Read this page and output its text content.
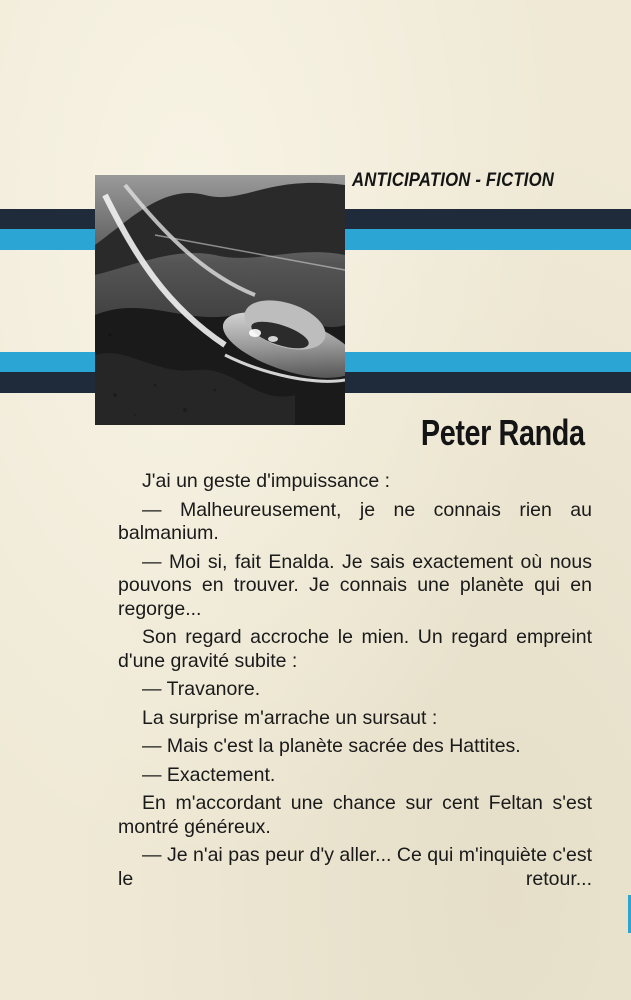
ANTICIPATION - FICTION
Peter Randa

J'ai un geste d'impuissance :

— Malheureusement, je ne connais rien au balmanium.

— Moi si, fait Enalda. Je sais exactement où nous pouvons en trouver. Je connais une planète qui en regorge...

Son regard accroche le mien. Un regard empreint d'une gravité subite :

— Travanore.

La surprise m'arrache un sursaut :

— Mais c'est la planète sacrée des Hattites.

— Exactement.

En m'accordant une chance sur cent Feltan s'est montré généreux.

— Je n'ai pas peur d'y aller... Ce qui m'inquiète c'est le retour...
